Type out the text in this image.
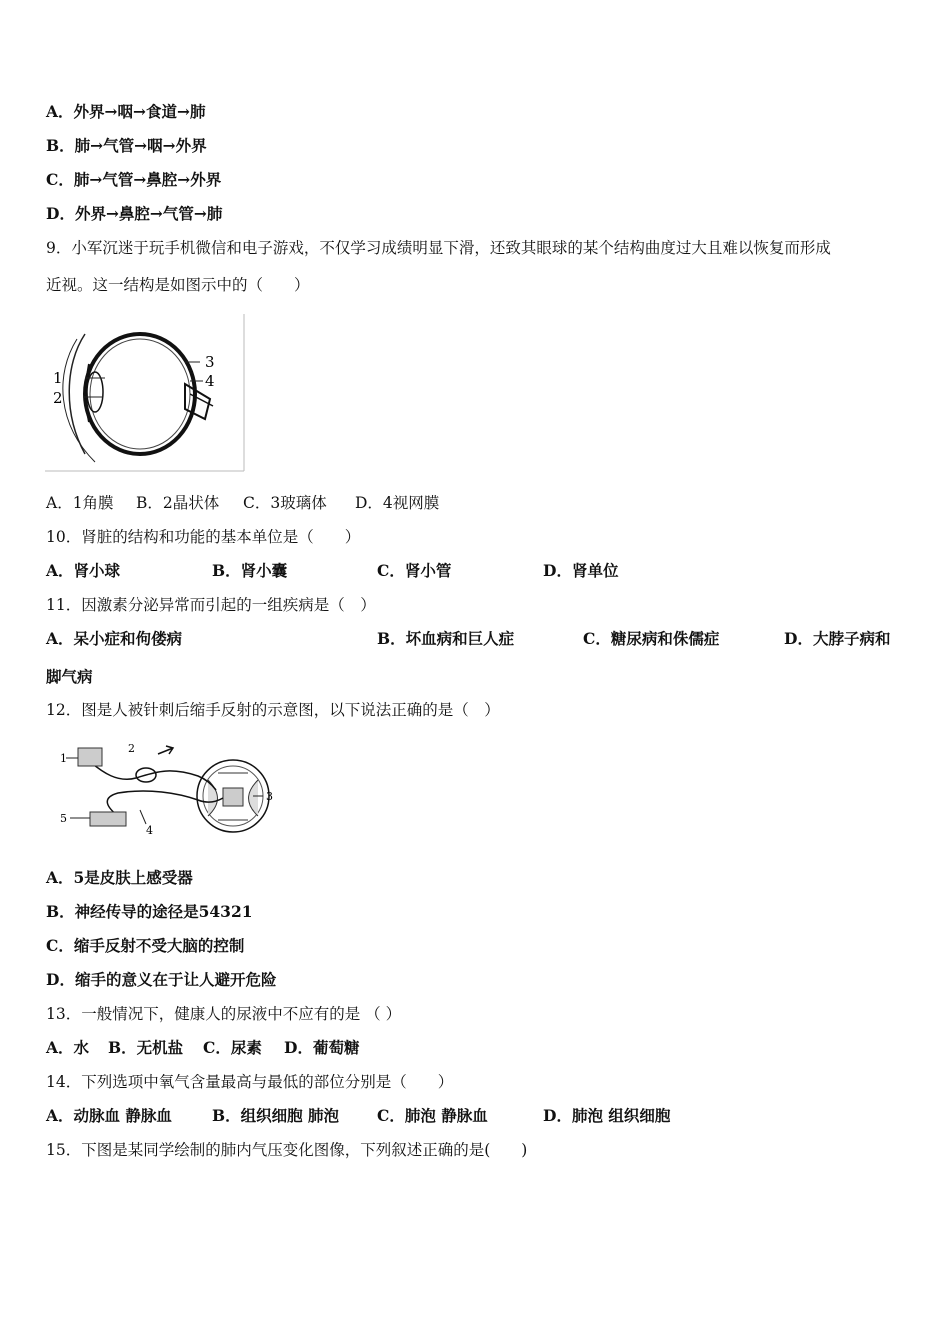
A．外界→咽→食道→肺
B．肺→气管→咽→外界
C．肺→气管→鼻腔→外界
D．外界→鼻腔→气管→肺
9．小军沉迷于玩手机微信和电子游戏，不仅学习成绩明显下滑，还致其眼球的某个结构曲度过大且难以恢复而形成
近视。这一结构是如图示中的（　　）
1
2
3
4
A．1角膜 B．2晶状体 C．3玻璃体 D．4视网膜
10．肾脏的结构和功能的基本单位是（　　）
A．肾小球	B．肾小囊	C．肾小管	D．肾单位
11．因激素分泌异常而引起的一组疾病是（　）
A．呆小症和佝偻病	B．坏血病和巨人症	C．糖尿病和侏儒症	D．大脖子病和
脚气病
12．图是人被针刺后缩手反射的示意图，以下说法正确的是（　）
1
2
3
4
5
A．5是皮肤上感受器
B．神经传导的途径是54321
C．缩手反射不受大脑的控制
D．缩手的意义在于让人避开危险
13．一般情况下，健康人的尿液中不应有的是 （ ）
A．水 B．无机盐 C．尿素 D．葡萄糖
14．下列选项中氧气含量最高与最低的部位分别是（　　）
A．动脉血 静脉血	B．组织细胞 肺泡 C．肺泡 静脉血	D．肺泡 组织细胞
15．下图是某同学绘制的肺内气压变化图像，下列叙述正确的是(　　)
